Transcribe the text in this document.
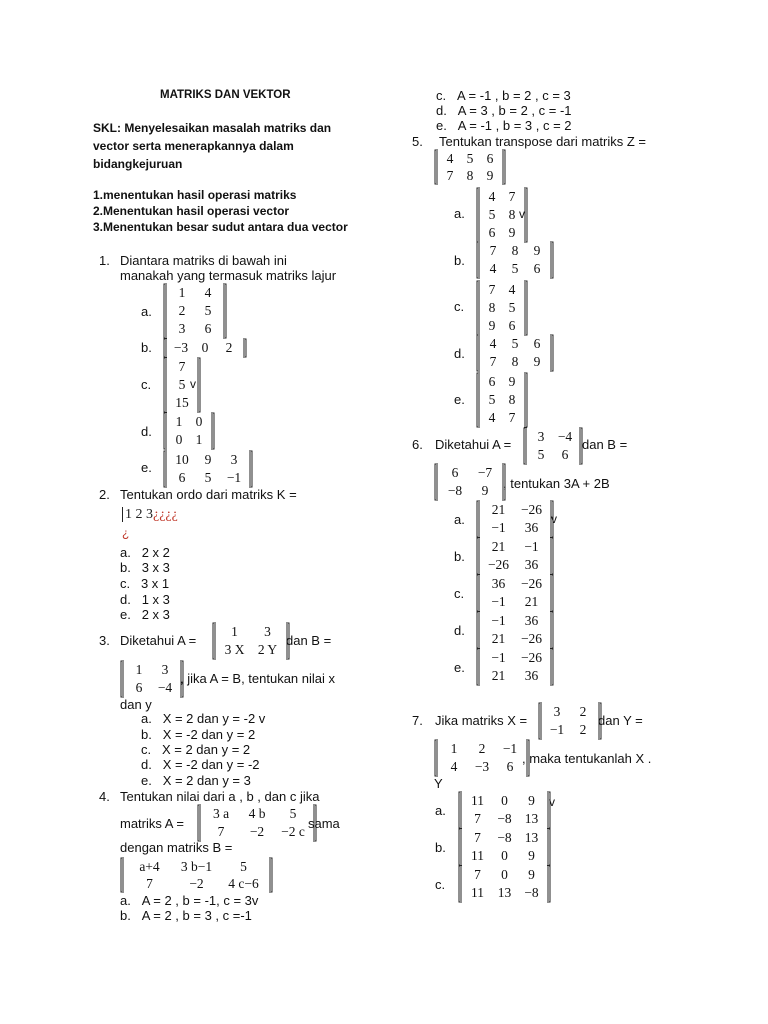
MATRIKS DAN VEKTOR
SKL: Menyelesaikan masalah matriks dan vector serta menerapkannya dalam bidangkejuruan
1.menentukan hasil operasi matriks
2.Menentukan hasil operasi vector
3.Menentukan besar sudut antara dua vector
1. Diantara matriks di bawah ini
manakah yang termasuk matriks lajur
a.
1	4
2	5
3	6
b.	−3 0	2
c.
7
5
15
v
d.
1 0
0 1
e.
10	9	3
6	5	−1
2. Tentukan ordo dari matriks K =
1 2 3¿¿¿¿
¿
a. 2 x 2
b. 3 x 3
c. 3 x 1
d. 1 x 3
e. 2 x 3
3. Diketahui A =
1	3
3 X 2 Y
dan B =
1	3
6	−4
, jika A = B, tentukan nilai x
dan y
a. X = 2 dan y = -2 v
b. X = -2 dan y = 2
c. X = 2 dan y = 2
d. X = -2 dan y = -2
e. X = 2 dan y = 3
4. Tentukan nilai dari a , b , dan c jika
matriks A =
3 a	4 b	5
7	−2	−2 c
sama
dengan matriks B =
a+4	3 b−1	5
7	−2	4 c−6
a. A = 2 , b = -1, c = 3v
b. A = 2 , b = 3 , c =-1
c. A = -1 , b = 2 , c = 3
d. A = 3 , b = 2 , c = -1
e. A = -1 , b = 3 , c = 2
5. Tentukan transpose dari matriks Z =
4 5 6
7 8 9
a.
4 7
5 8
6 9
v
b.
7	8	9
4	5	6
c.
7 4
8 5
9 6
d.
4	5	6
7	8	9
e.
6 9
5 8
4 7
6. Diketahui A =
3 −4
5	6
dan B =
6	−7
−8	9	, tentukan 3A + 2B
a.
21	−26
−1	36
v
b.
21	−1
−26	36
c.
36	−26
−1	21
d.
−1	36
21	−26
e.
−1	−26
21	36
7. Jika matriks X =
3	2
−1	2
dan Y =
1	2	−1
4	−3	6
, maka tentukanlah X .
Y
a.
11	0	9
7	−8 13
v
b.
7	−8 13
11	0	9
c.
7	0	9
11	13 −8
